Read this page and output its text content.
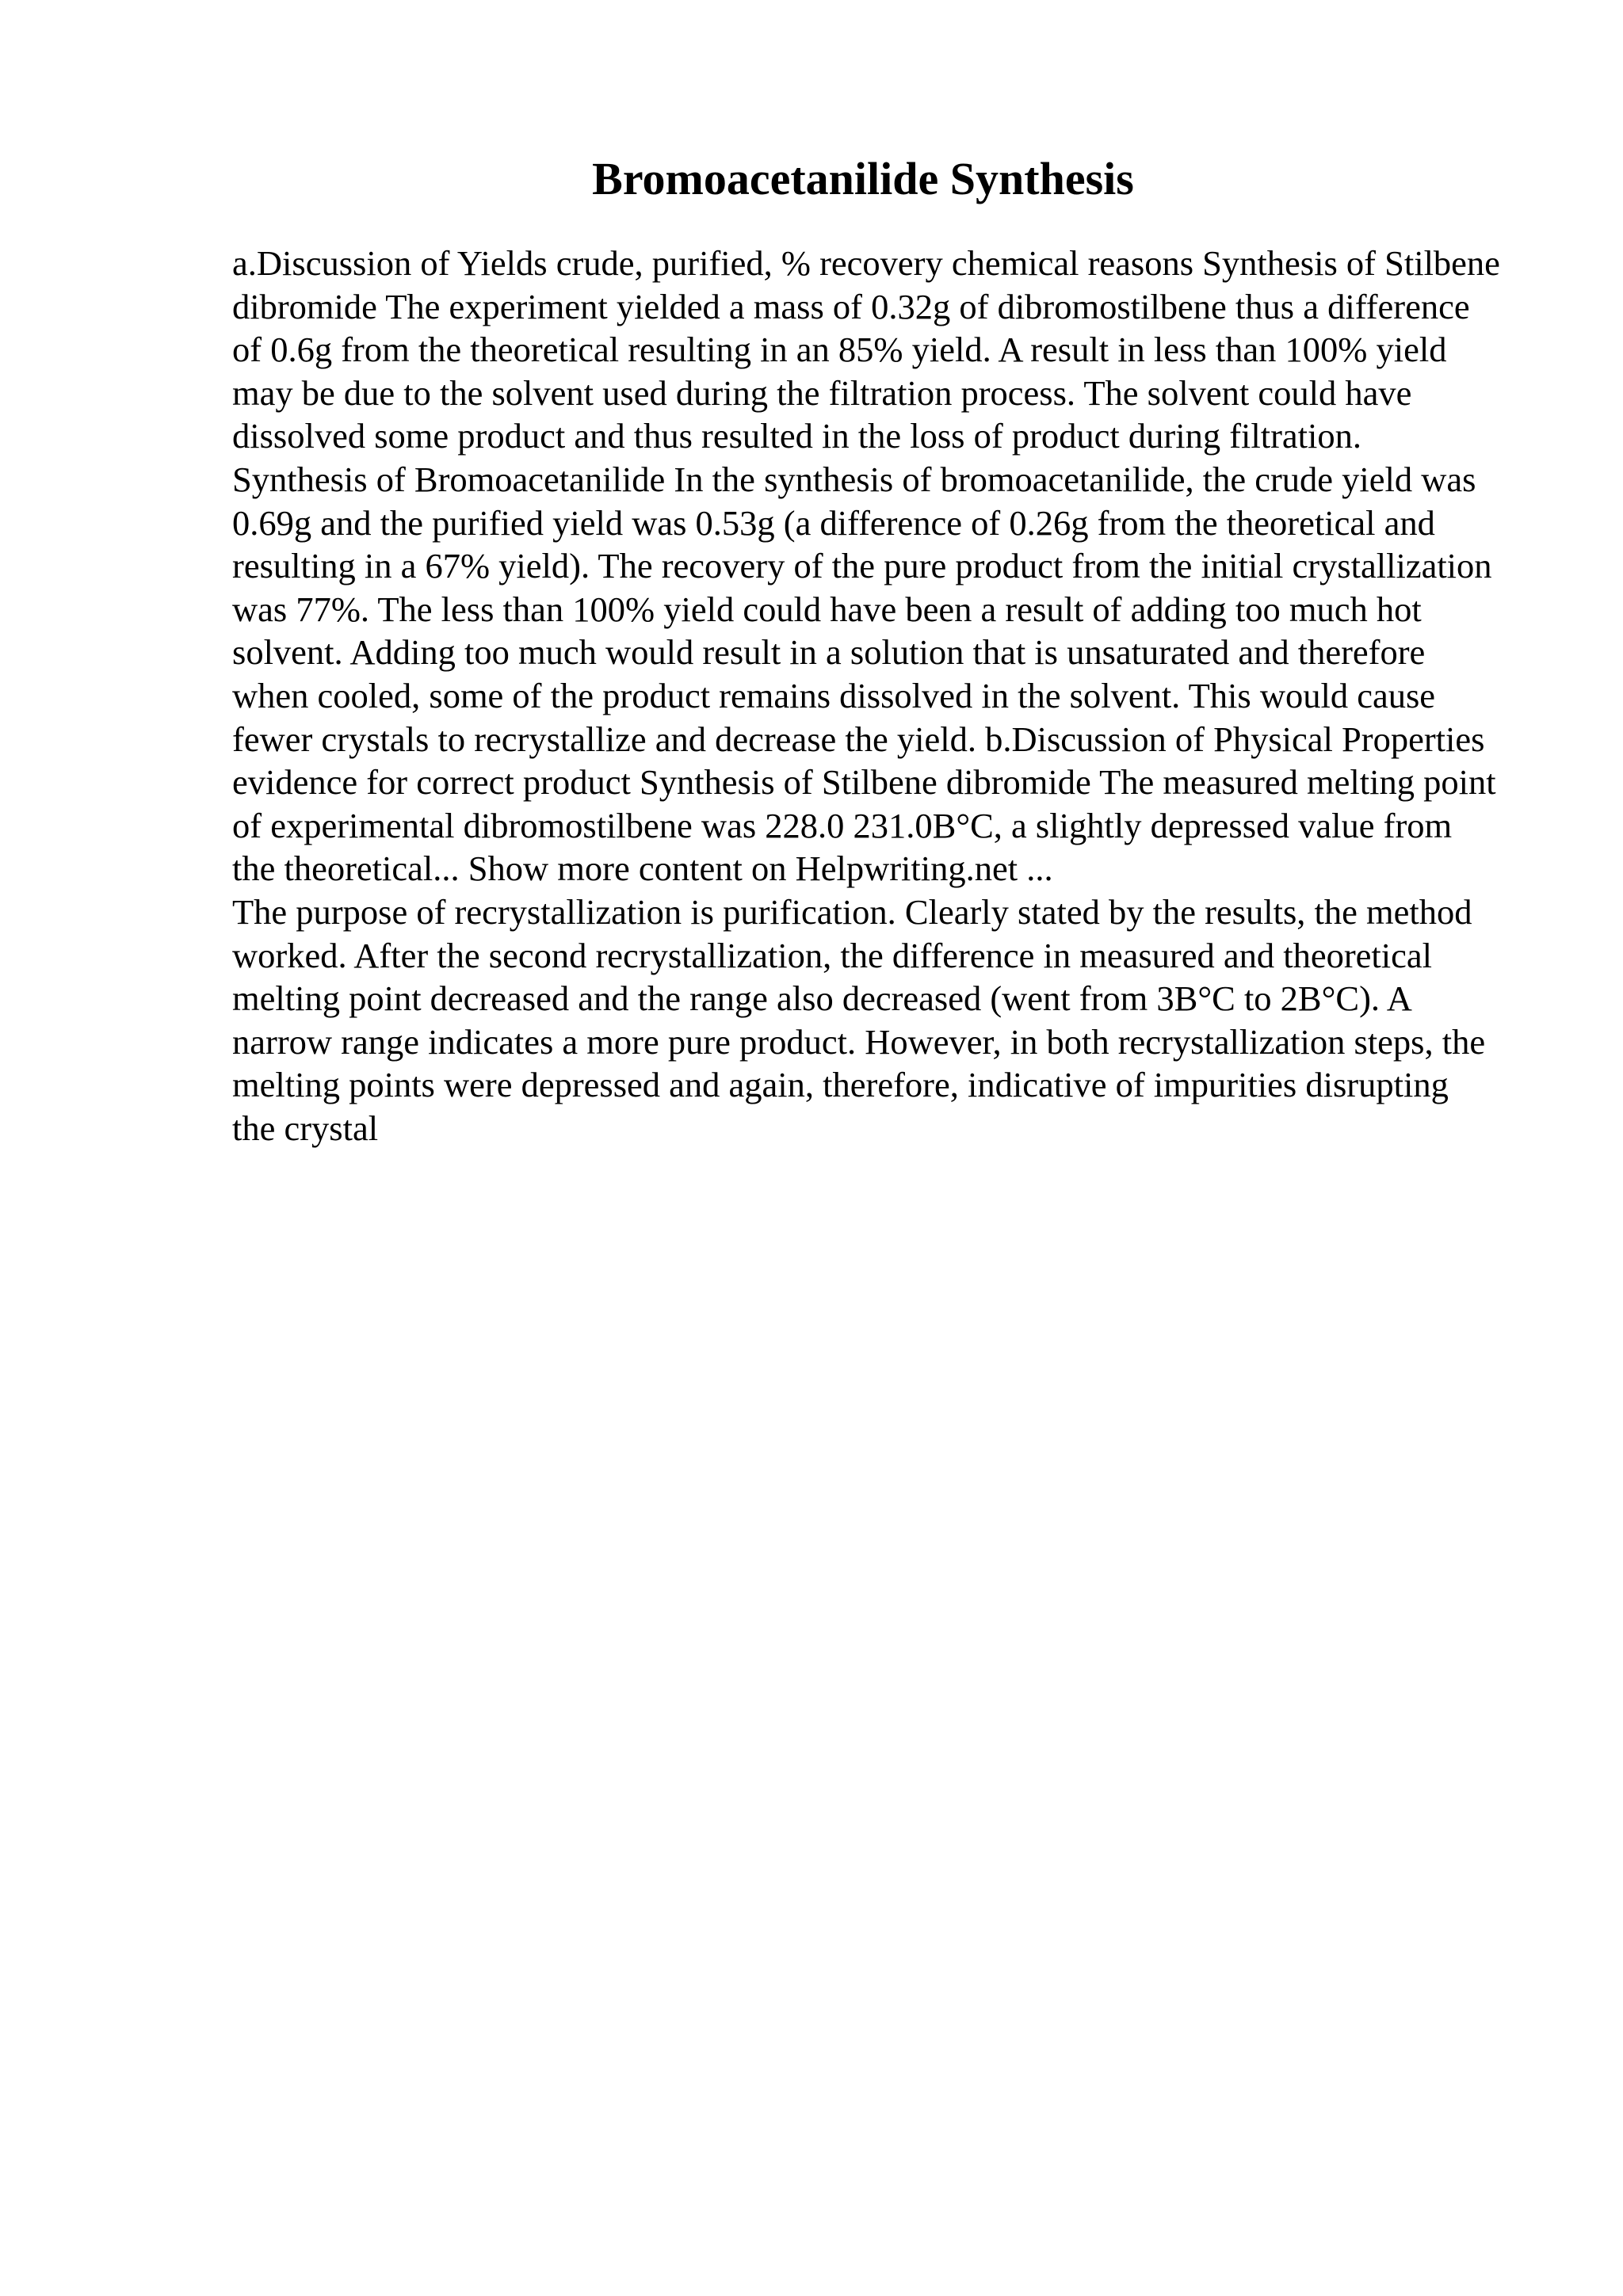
Bromoacetanilide Synthesis

a.Discussion of Yields crude, purified, % recovery chemical reasons Synthesis of Stilbene dibromide The experiment yielded a mass of 0.32g of dibromostilbene thus a difference of 0.6g from the theoretical resulting in an 85% yield. A result in less than 100% yield may be due to the solvent used during the filtration process. The solvent could have dissolved some product and thus resulted in the loss of product during filtration. Synthesis of Bromoacetanilide In the synthesis of bromoacetanilide, the crude yield was 0.69g and the purified yield was 0.53g (a difference of 0.26g from the theoretical and resulting in a 67% yield). The recovery of the pure product from the initial crystallization was 77%. The less than 100% yield could have been a result of adding too much hot solvent. Adding too much would result in a solution that is unsaturated and therefore when cooled, some of the product remains dissolved in the solvent. This would cause fewer crystals to recrystallize and decrease the yield. b.Discussion of Physical Properties evidence for correct product Synthesis of Stilbene dibromide The measured melting point of experimental dibromostilbene was 228.0 231.0B°C, a slightly depressed value from the theoretical... Show more content on Helpwriting.net ...

The purpose of recrystallization is purification. Clearly stated by the results, the method worked. After the second recrystallization, the difference in measured and theoretical melting point decreased and the range also decreased (went from 3B°C to 2B°C). A narrow range indicates a more pure product. However, in both recrystallization steps, the melting points were depressed and again, therefore, indicative of impurities disrupting the crystal
